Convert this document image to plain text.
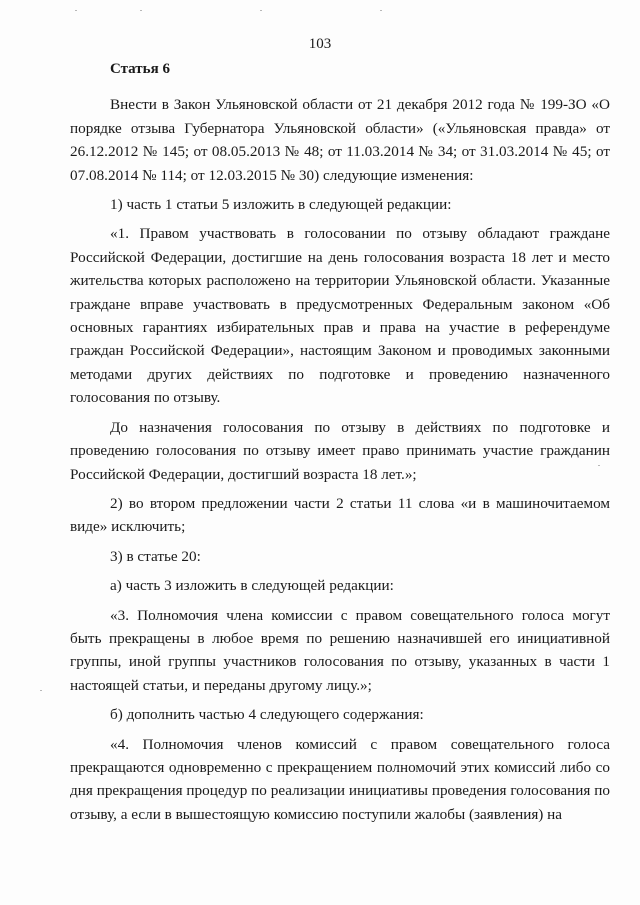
103

Статья 6

Внести в Закон Ульяновской области от 21 декабря 2012 года № 199-ЗО «О порядке отзыва Губернатора Ульяновской области» («Ульяновская правда» от 26.12.2012 № 145; от 08.05.2013 № 48; от 11.03.2014 № 34; от 31.03.2014 № 45; от 07.08.2014 № 114; от 12.03.2015 № 30) следующие изменения:

1) часть 1 статьи 5 изложить в следующей редакции:

«1. Правом участвовать в голосовании по отзыву обладают граждане Российской Федерации, достигшие на день голосования возраста 18 лет и место жительства которых расположено на территории Ульяновской области. Указанные граждане вправе участвовать в предусмотренных Федеральным законом «Об основных гарантиях избирательных прав и права на участие в референдуме граждан Российской Федерации», настоящим Законом и проводимых законными методами других действиях по подготовке и проведению назначенного голосования по отзыву.

До назначения голосования по отзыву в действиях по подготовке и проведению голосования по отзыву имеет право принимать участие гражданин Российской Федерации, достигший возраста 18 лет.»;

2) во втором предложении части 2 статьи 11 слова «и в машиночитаемом виде» исключить;

3) в статье 20:

а) часть 3 изложить в следующей редакции:

«3. Полномочия члена комиссии с правом совещательного голоса могут быть прекращены в любое время по решению назначившей его инициативной группы, иной группы участников голосования по отзыву, указанных в части 1 настоящей статьи, и переданы другому лицу.»;

б) дополнить частью 4 следующего содержания:

«4. Полномочия членов комиссий с правом совещательного голоса прекращаются одновременно с прекращением полномочий этих комиссий либо со дня прекращения процедур по реализации инициативы проведения голосования по отзыву, а если в вышестоящую комиссию поступили жалобы (заявления) на
